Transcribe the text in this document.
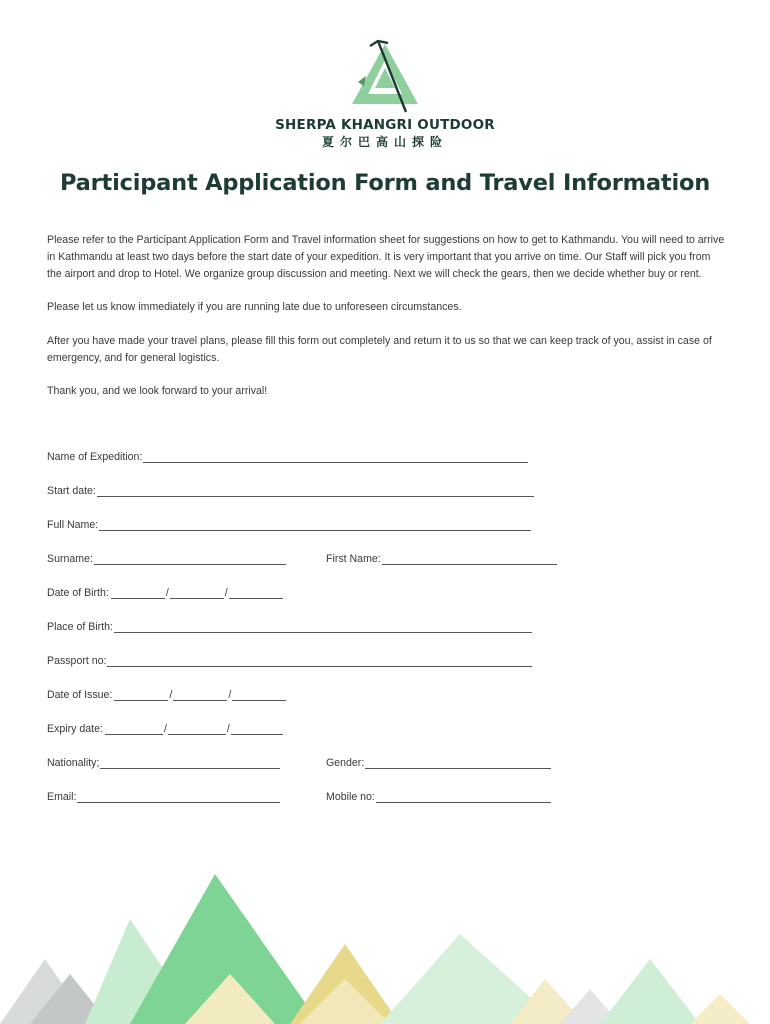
SHERPA KHANGRI OUTDOOR
夏尔巴高山探险
Participant Application Form and Travel Information

Please refer to the Participant Application Form and Travel information sheet for suggestions on how to get to Kathmandu. You will need to arrive in Kathmandu at least two days before the start date of your expedition. It is very important that you arrive on time. Our Staff will pick you from the airport and drop to Hotel. We organize group discussion and meeting. Next we will check the gears, then we decide whether buy or rent.

Please let us know immediately if you are running late due to unforeseen circumstances.

After you have made your travel plans, please fill this form out completely and return it to us so that we can keep track of you, assist in case of emergency, and for general logistics.

Thank you, and we look forward to your arrival!

Name of Expedition:
Start date:
Full Name:
Surname:	First Name:
Date of Birth:	/	/
Place of Birth:
Passport no:
Date of Issue:	/	/
Expiry date:	/	/
Nationality;	Gender:
Email:	Mobile no:
